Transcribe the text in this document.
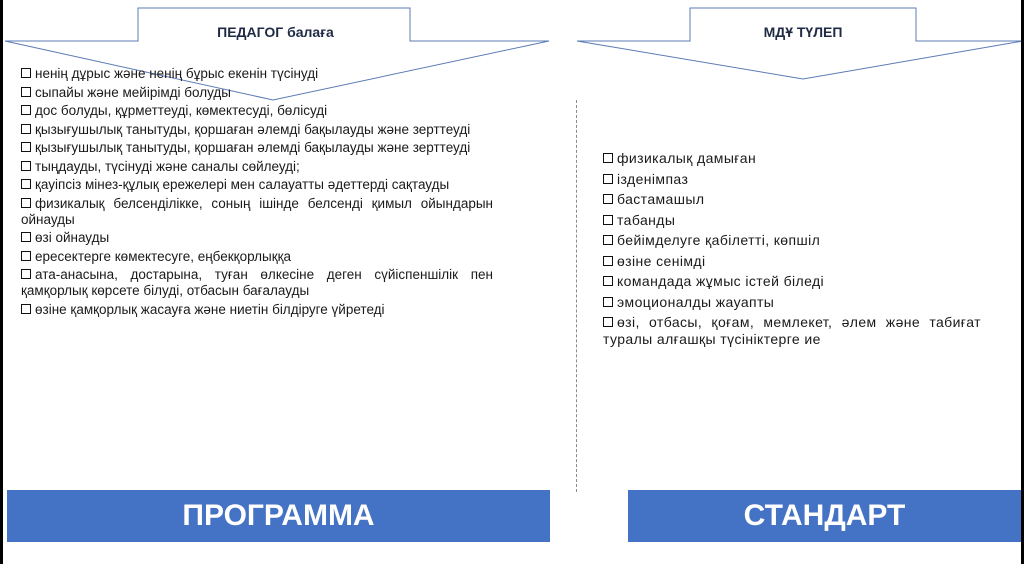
ПЕДАГОГ балаға	МДҰ ТҮЛЕП
ненің дұрыс және ненің бұрыс екенін түсінуді
сыпайы және мейірімді болуды
дос болуды, құрметтеуді, көмектесуді, бөлісуді
қызығушылық танытуды, қоршаған әлемді бақылауды және зерттеуді
қызығушылық танытуды, қоршаған әлемді бақылауды және зерттеуді
тыңдауды, түсінуді және саналы сөйлеуді;
қауіпсіз мінез-құлық ережелері мен салауатты әдеттерді сақтауды
физикалық белсенділікке, соның ішінде белсенді қимыл ойындарын ойнауды
өзі ойнауды
ересектерге көмектесуге, еңбекқорлыққа
ата-анасына, достарына, туған өлкесіне деген сүйіспеншілік пен қамқорлық көрсете білуді, отбасын бағалауды
өзіне қамқорлық жасауға және ниетін білдіруге үйретеді
физикалық дамыған
ізденімпаз
бастамашыл
табанды
бейімделуге қабілетті, көпшіл
өзіне сенімді
командада жұмыс істей біледі
эмоционалды жауапты
өзі, отбасы, қоғам, мемлекет, әлем және табиғат туралы алғашқы түсініктерге ие
ПРОГРАММА	СТАНДАРТ
